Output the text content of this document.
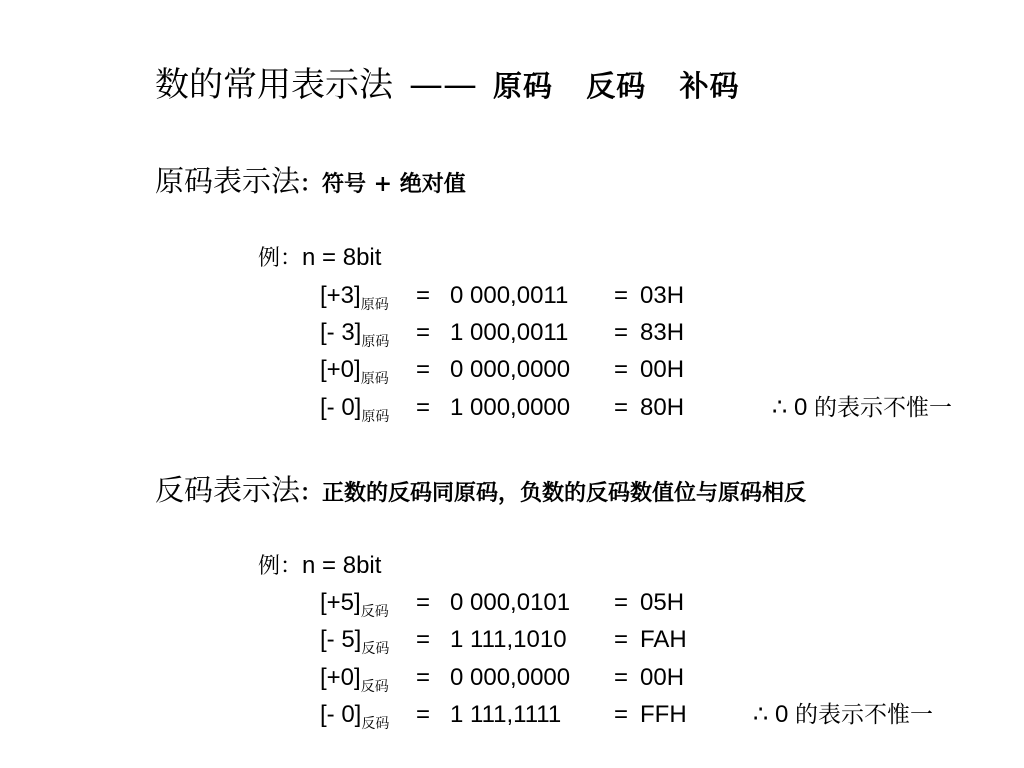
数的常用表示法 —— 原码   反码   补码
原码表示法：符号 + 绝对值
例：n = 8bit
$[+3]_{原码} = 0$ 000,0011 = 03H
[- $3]_{原码} = 1$ 000,0011 = 83H
$[+0]_{原码} = 0$ 000,0000 = 00H
[- $0]_{原码} = 1$ 000,0000 = 80H	∴ 0 的表示不惟一
反码表示法：正数的反码同原码，负数的反码数值位与原码相反
例：n = 8bit
$[+5]_{反码} = 0$ 000,0101 = 05H
[- $5]_{反码} = 1$ 111,1010 = FAH
$[+0]_{反码} = 0$ 000,0000 = 00H
[- $0]_{反码} = 1$ 111,1111 = FFH	∴ 0 的表示不惟一
